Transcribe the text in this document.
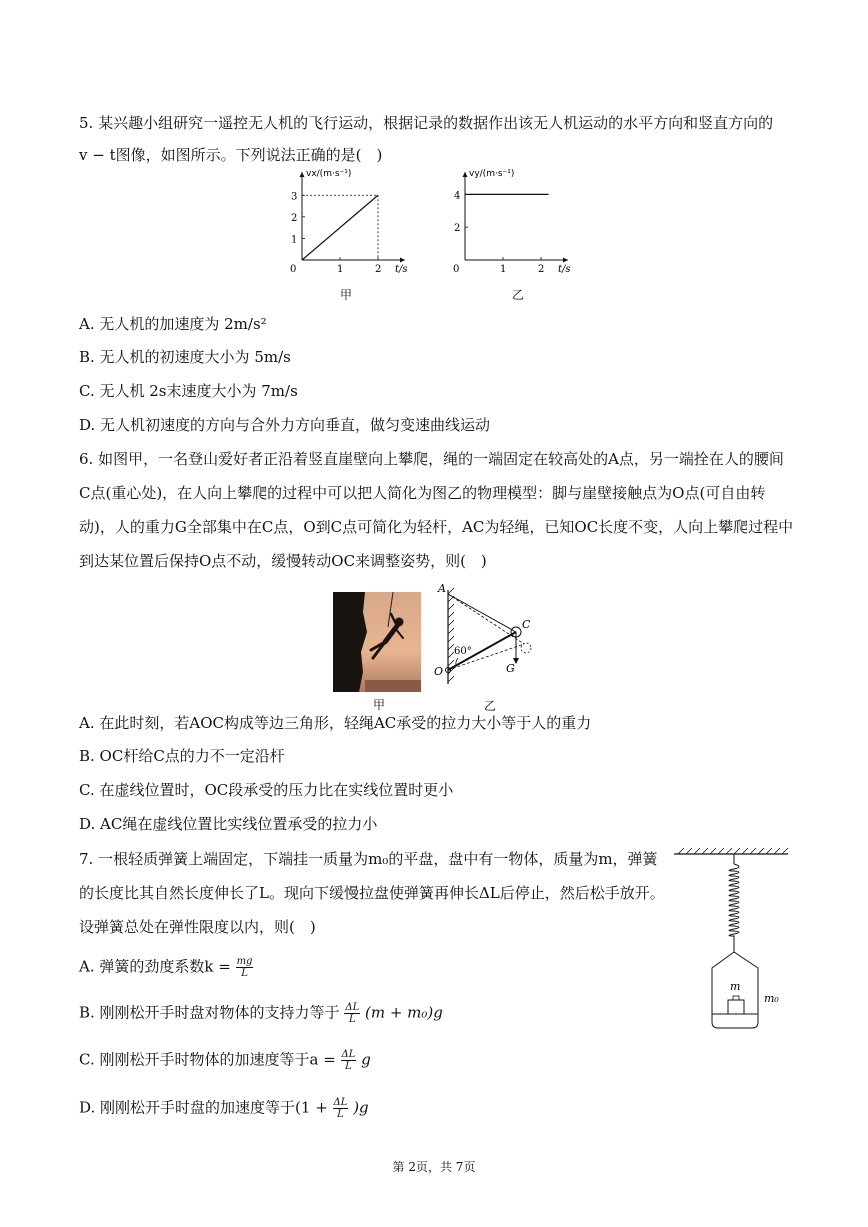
5. 某兴趣小组研究一遥控无人机的飞行运动，根据记录的数据作出该无人机运动的水平方向和竖直方向的
v − t图像，如图所示。下列说法正确的是(　)
vx/(m·s⁻¹)
t/s
0	1	2
1
2
3
vy/(m·s⁻¹)
t/s
0	1	2
2
4
甲	乙
A. 无人机的加速度为 2m/s²
B. 无人机的初速度大小为 5m/s
C. 无人机 2s末速度大小为 7m/s
D. 无人机初速度的方向与合外力方向垂直，做匀变速曲线运动
6. 如图甲，一名登山爱好者正沿着竖直崖壁向上攀爬，绳的一端固定在较高处的A点，另一端拴在人的腰间
C点(重心处)，在人向上攀爬的过程中可以把人简化为图乙的物理模型：脚与崖壁接触点为O点(可自由转
动)，人的重力G全部集中在C点，O到C点可简化为轻杆，AC为轻绳，已知OC长度不变，人向上攀爬过程中
到达某位置后保持O点不动，缓慢转动OC来调整姿势，则(　)
甲
A
C
O	G
60°
乙
A. 在此时刻，若AOC构成等边三角形，轻绳AC承受的拉力大小等于人的重力
B. OC杆给C点的力不一定沿杆
C. 在虚线位置时，OC段承受的压力比在实线位置时更小
D. AC绳在虚线位置比实线位置承受的拉力小
7. 一根轻质弹簧上端固定，下端挂一质量为m₀的平盘，盘中有一物体，质量为m，弹簧
的长度比其自然长度伸长了L。现向下缓慢拉盘使弹簧再伸长ΔL后停止，然后松手放开。
设弹簧总处在弹性限度以内，则(　)
m
m₀
A. 弹簧的劲度系数$k = \frac{mg}{L}$
B. 刚刚松开手时盘对物体的支持力等于 $\frac{\Delta L}{L} (m + m_0)g$
C. 刚刚松开手时物体的加速度等于$a = \frac{\Delta L}{L}$ g
D. 刚刚松开手时盘的加速度等于$(1 + \frac{\Delta L}{L} )g$
第 2页，共 7页
